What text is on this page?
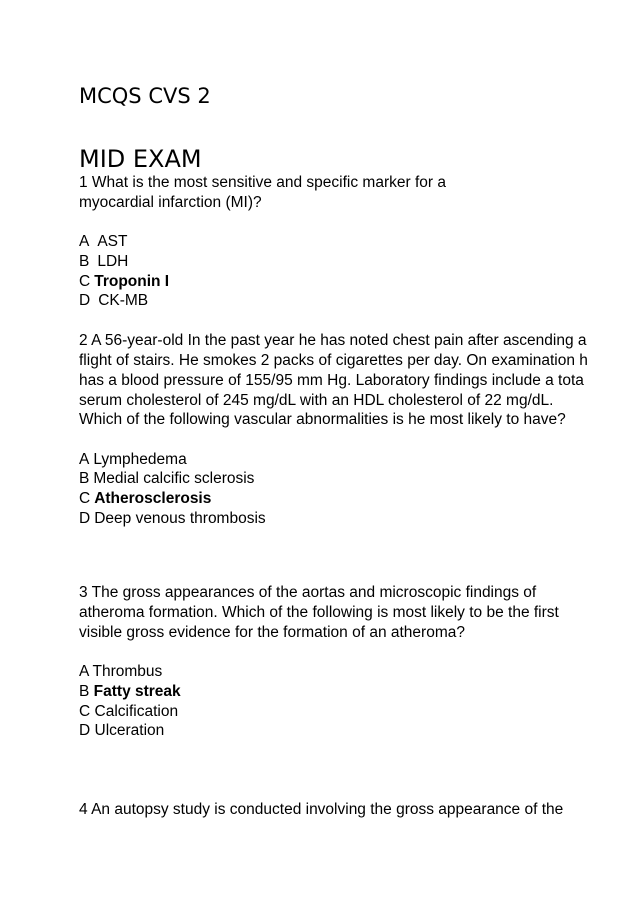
MCQS CVS 2
MID EXAM
1 What is the most sensitive and specific marker for a
myocardial infarction (MI)?
A AST
B LDH
C Troponin I
D CK-MB
2 A 56-year-old In the past year he has noted chest pain after ascending a
flight of stairs. He smokes 2 packs of cigarettes per day. On examination h
has a blood pressure of 155/95 mm Hg. Laboratory findings include a tota
serum cholesterol of 245 mg/dL with an HDL cholesterol of 22 mg/dL.
Which of the following vascular abnormalities is he most likely to have?
A Lymphedema
B Medial calcific sclerosis
C Atherosclerosis
D Deep venous thrombosis
3 The gross appearances of the aortas and microscopic findings of
atheroma formation. Which of the following is most likely to be the first
visible gross evidence for the formation of an atheroma?
A Thrombus
B Fatty streak
C Calcification
D Ulceration
4 An autopsy study is conducted involving the gross appearance of the
